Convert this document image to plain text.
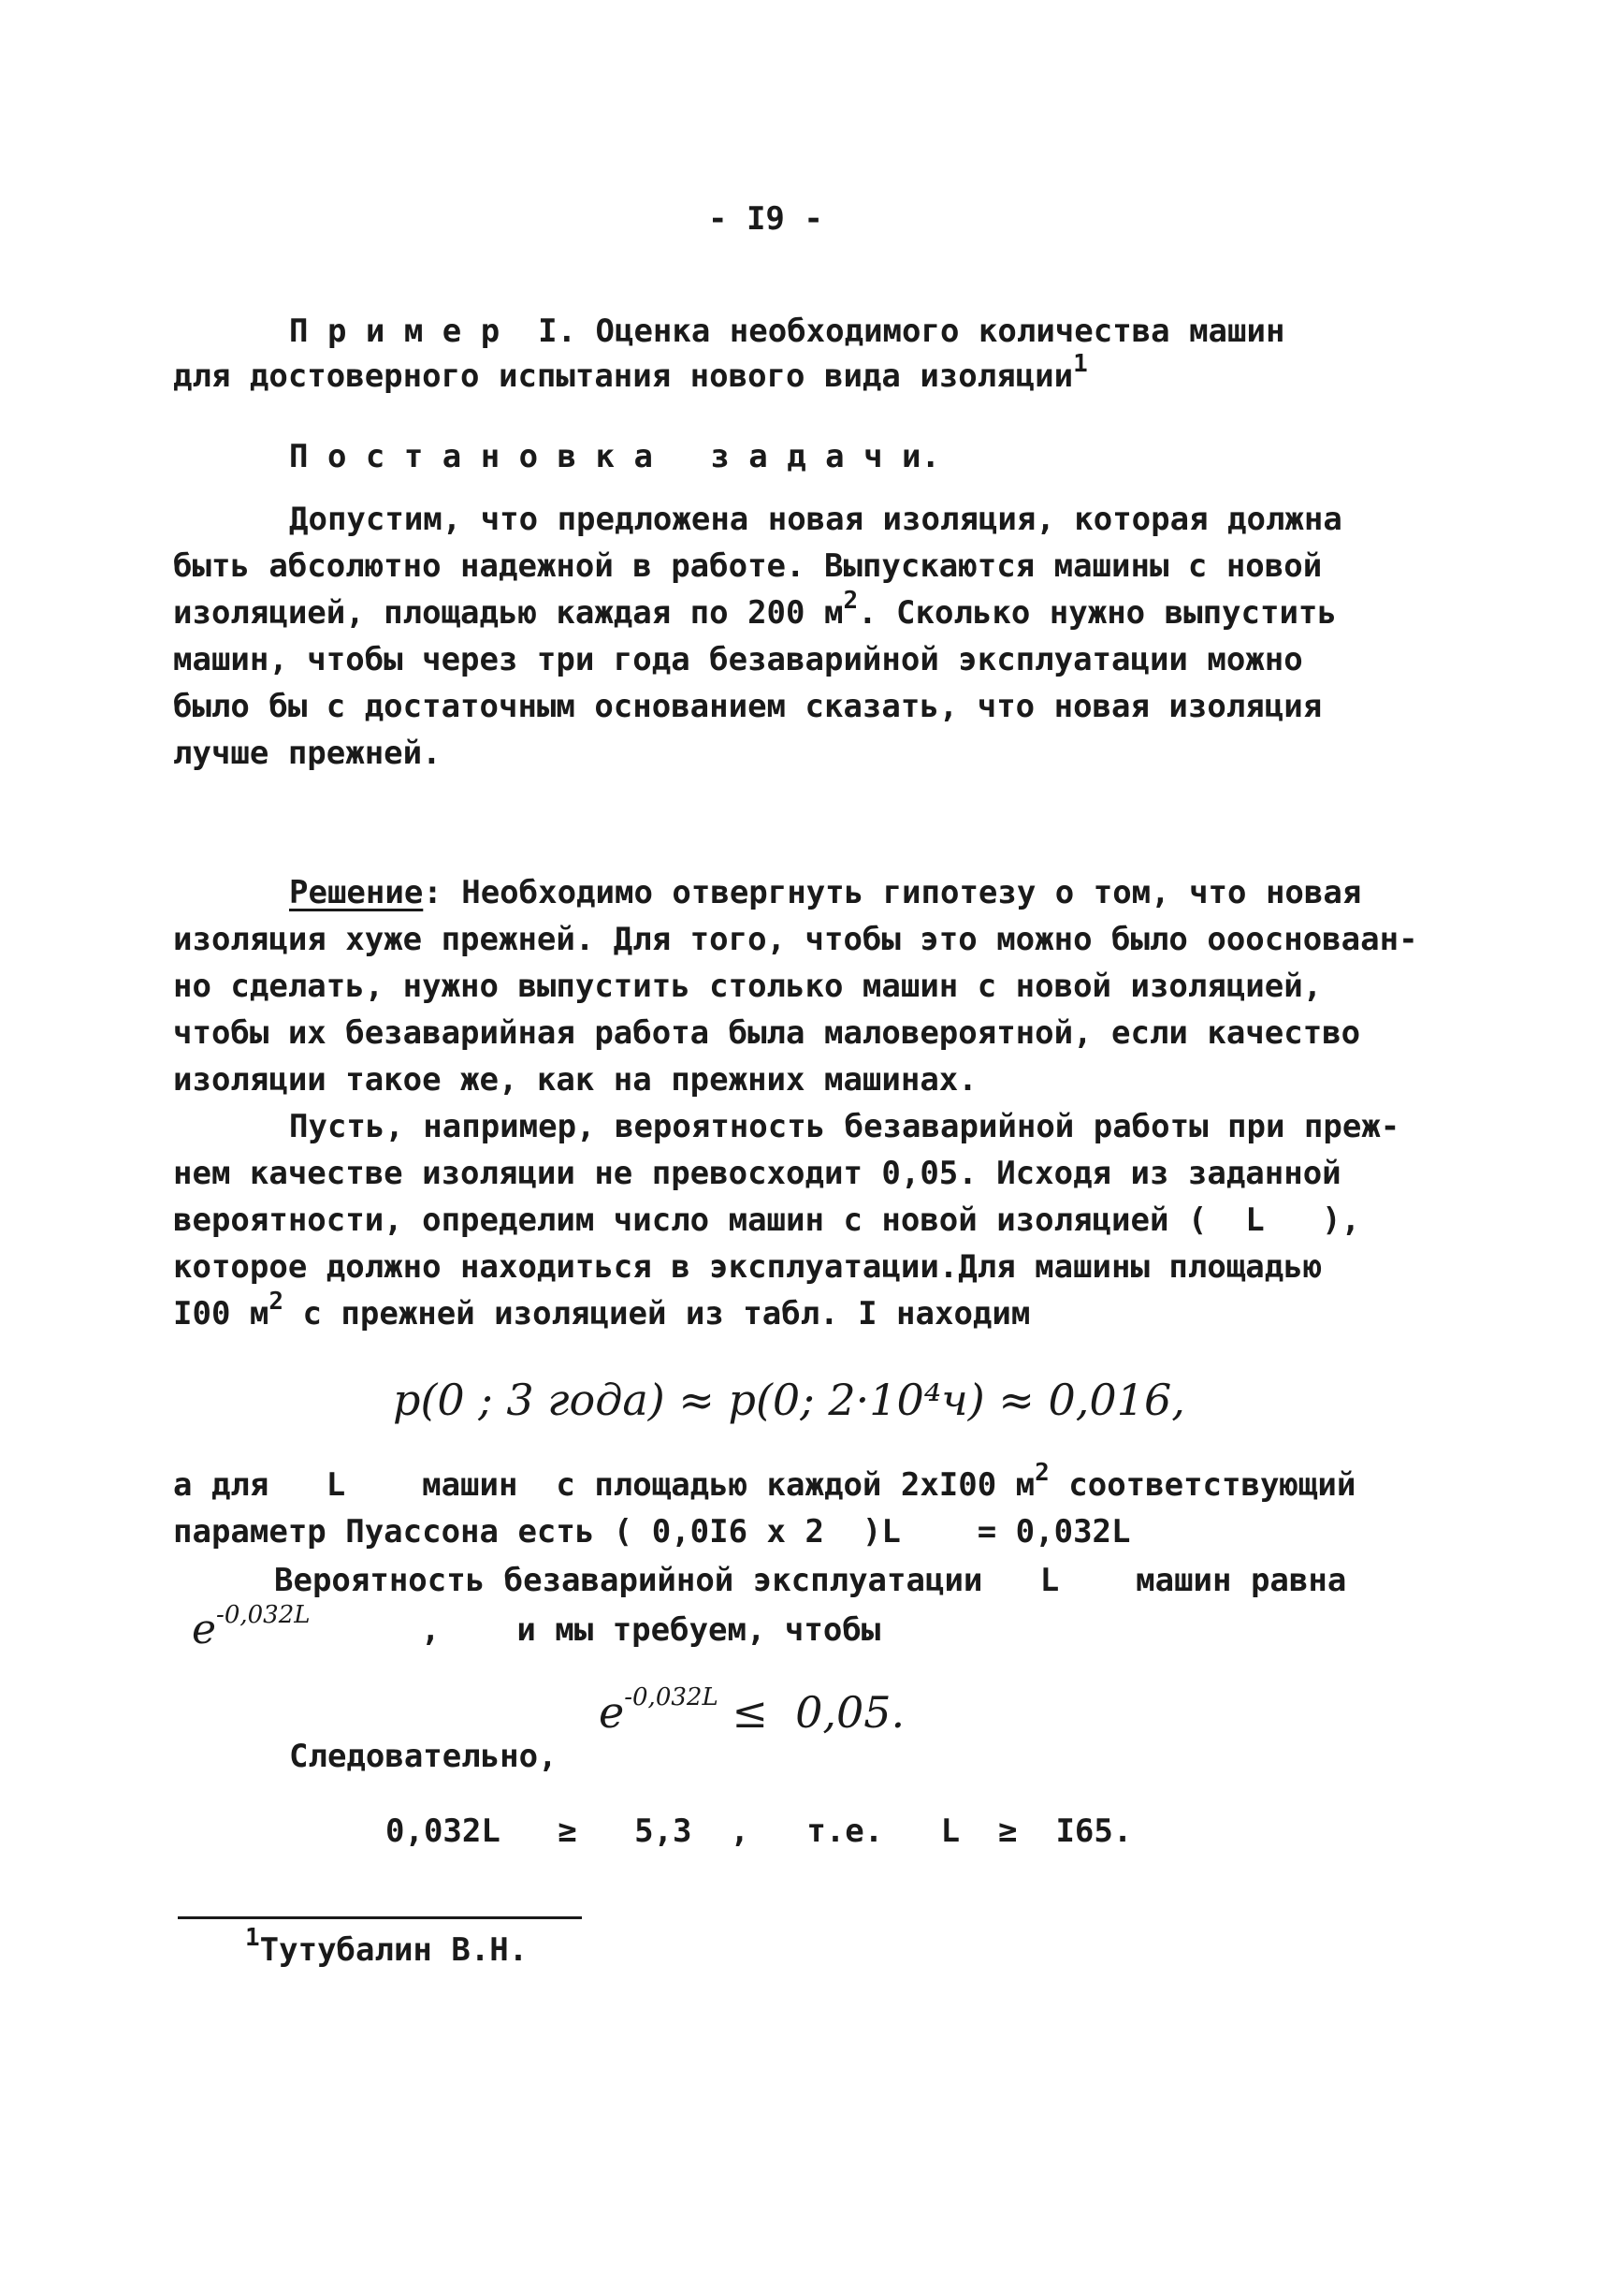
- I9 -
П р и м е р  I. Оценка необходимого количества машин
для достоверного испытания нового вида изоляции$^1$
П о с т а н о в к а   з а д а ч и.
Допустим, что предложена новая изоляция, которая должна
быть абсолютно надежной в работе. Выпускаются машины с новой
изоляцией, площадью каждая по 200 $м^2$. Сколько нужно выпустить
машин, чтобы через три года безаварийной эксплуатации можно
было бы с достаточным основанием сказать, что новая изоляция
лучше прежней.
Решение: Необходимо отвергнуть гипотезу о том, что новая
изоляция хуже прежней. Для того, чтобы это можно было ооосноваан-
но сделать, нужно выпустить столько машин с новой изоляцией,
чтобы их безаварийная работа была маловероятной, если качество
изоляции такое же, как на прежних машинах.
Пусть, например, вероятность безаварийной работы при преж-
нем качестве изоляции не превосходит 0,05. Исходя из заданной
вероятности, определим число машин с новой изоляцией (  L   ),
которое должно находиться в эксплуатации.Для машины площадью
I00 $м^2$ с прежней изоляцией из табл. I находим
p(0 ; 3 года) ≈ p(0; 2·10⁴ч) ≈ 0,016,
а для   L    машин  с площадью каждой 2хI00 $м^2$ соответствующий
параметр Пуассона есть ( 0,0I6 х 2  )L    = 0,032L
Вероятность безаварийной эксплуатации   L    машин равна
$e^{-0,032L}$	,    и мы требуем, чтобы
$e^{-0,032L} \le 0,05$.
Следовательно,
0,032L   ≥   5,3  ,   т.е.   L  ≥  I65.
$^1$Тутубалин В.Н.
